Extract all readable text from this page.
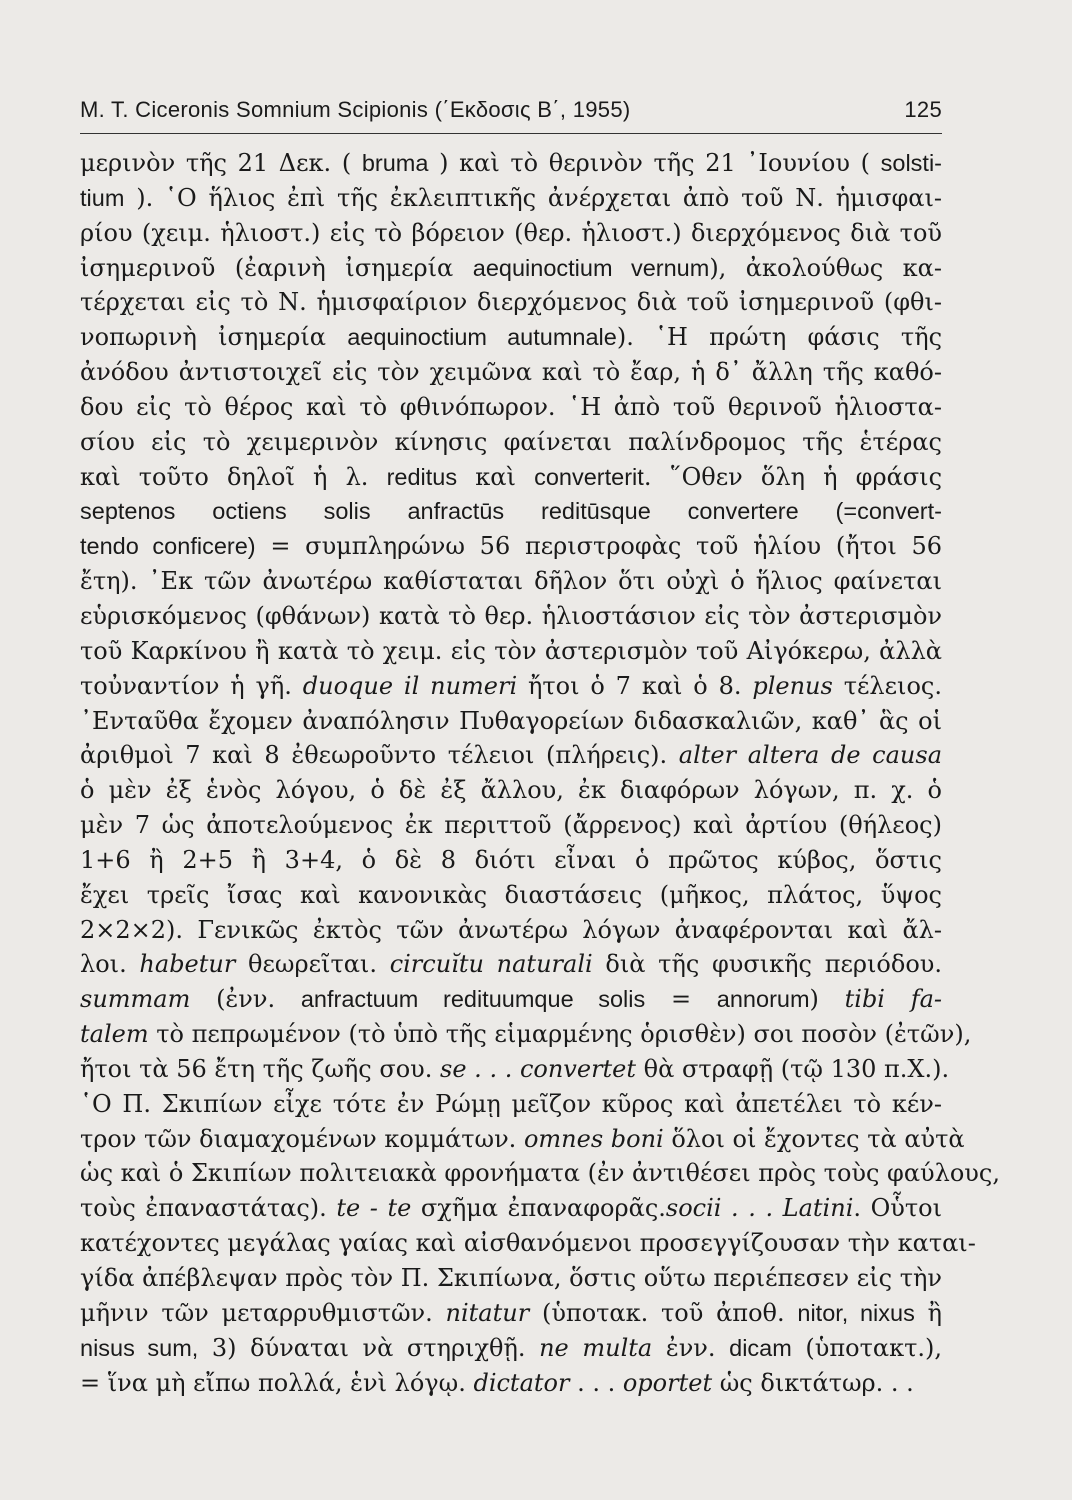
M. T. Ciceronis Somnium Scipionis (΄Εκδοσις Β΄, 1955)	125
μερινὸν τῆς 21 Δεκ. ( bruma ) καὶ τὸ θερινὸν τῆς 21 ᾿Ιουνίου ( solsti-
tium ). ῾Ο ἥλιος ἐπὶ τῆς ἐκλειπτικῆς ἀνέρχεται ἀπὸ τοῦ Ν. ἡμισφαι-
ρίου (χειμ. ἡλιοστ.) εἰς τὸ βόρειον (θερ. ἡλιοστ.) διερχόμενος διὰ τοῦ
ἰσημερινοῦ (ἐαρινὴ ἰσημερία aequinoctium vernum), ἀκολούθως κα-
τέρχεται εἰς τὸ Ν. ἡμισφαίριον διερχόμενος διὰ τοῦ ἰσημερινοῦ (φθι-
νοπωρινὴ ἰσημερία aequinoctium autumnale). ῾Η πρώτη φάσις τῆς
ἀνόδου ἀντιστοιχεῖ εἰς τὸν χειμῶνα καὶ τὸ ἔαρ, ἡ δ᾿ ἄλλη τῆς καθό-
δου εἰς τὸ θέρος καὶ τὸ φθινόπωρον. ῾Η ἀπὸ τοῦ θερινοῦ ἡλιοστα-
σίου εἰς τὸ χειμερινὸν κίνησις φαίνεται παλίνδρομος τῆς ἑτέρας
καὶ τοῦτο δηλοῖ ἡ λ. reditus καὶ converterit. ῞Οθεν ὅλη ἡ φράσις
septenos octiens solis anfractūs reditūsque convertere (=convert-
tendo conficere) = συμπληρώνω 56 περιστροφὰς τοῦ ἡλίου (ἤτοι 56
ἔτη). ᾿Εκ τῶν ἀνωτέρω καθίσταται δῆλον ὅτι οὐχὶ ὁ ἥλιος φαίνεται
εὑρισκόμενος (φθάνων) κατὰ τὸ θερ. ἡλιοστάσιον εἰς τὸν ἀστερισμὸν
τοῦ Καρκίνου ἢ κατὰ τὸ χειμ. εἰς τὸν ἀστερισμὸν τοῦ Αἰγόκερω, ἀλλὰ
τοὐναντίον ἡ γῆ. duoque il numeri ἤτοι ὁ 7 καὶ ὁ 8. plenus τέλειος.
᾿Ενταῦθα ἔχομεν ἀναπόλησιν Πυθαγορείων διδασκαλιῶν, καθ᾿ ἃς οἱ
ἀριθμοὶ 7 καὶ 8 ἐθεωροῦντο τέλειοι (πλήρεις). alter altera de causa
ὁ μὲν ἐξ ἑνὸς λόγου, ὁ δὲ ἐξ ἄλλου, ἐκ διαφόρων λόγων, π. χ. ὁ
μὲν 7 ὡς ἀποτελούμενος ἐκ περιττοῦ (ἄρρενος) καὶ ἀρτίου (θήλεος)
1+6 ἢ 2+5 ἢ 3+4, ὁ δὲ 8 διότι εἶναι ὁ πρῶτος κύβος, ὅστις
ἔχει τρεῖς ἴσας καὶ κανονικὰς διαστάσεις (μῆκος, πλάτος, ὕψος
2×2×2). Γενικῶς ἐκτὸς τῶν ἀνωτέρω λόγων ἀναφέρονται καὶ ἄλ-
λοι. habetur θεωρεῖται. circuĭtu naturali διὰ τῆς φυσικῆς περιόδου.
summam (ἐνν. anfractuum redituumque solis = annorum) tibi fa-
talem τὸ πεπρωμένον (τὸ ὑπὸ τῆς εἱμαρμένης ὁρισθὲν) σοι ποσὸν (ἐτῶν),
ἤτοι τὰ 56 ἔτη τῆς ζωῆς σου. se . . . convertet θὰ στραφῇ (τῷ 130 π.Χ.).
῾Ο Π. Σκιπίων εἶχε τότε ἐν Ρώμῃ μεῖζον κῦρος καὶ ἀπετέλει τὸ κέν-
τρον τῶν διαμαχομένων κομμάτων. omnes boni ὅλοι οἱ ἔχοντες τὰ αὐτὰ
ὡς καὶ ὁ Σκιπίων πολιτειακὰ φρονήματα (ἐν ἀντιθέσει πρὸς τοὺς φαύλους,
τοὺς ἐπαναστάτας). te - te σχῆμα ἐπαναφορᾶς.socii . . . Latini. Οὗτοι
κατέχοντες μεγάλας γαίας καὶ αἰσθανόμενοι προσεγγίζουσαν τὴν καται-
γίδα ἀπέβλεψαν πρὸς τὸν Π. Σκιπίωνα, ὅστις οὕτω περιέπεσεν εἰς τὴν
μῆνιν τῶν μεταρρυθμιστῶν. nitatur (ὑποτακ. τοῦ ἀποθ. nitor, nixus ἢ
nisus sum, 3) δύναται νὰ στηριχθῇ. ne multa ἐνν. dicam (ὑποτακτ.),
= ἵνα μὴ εἴπω πολλά, ἑνὶ λόγῳ. dictator . . . oportet ὡς δικτάτωρ. . .
